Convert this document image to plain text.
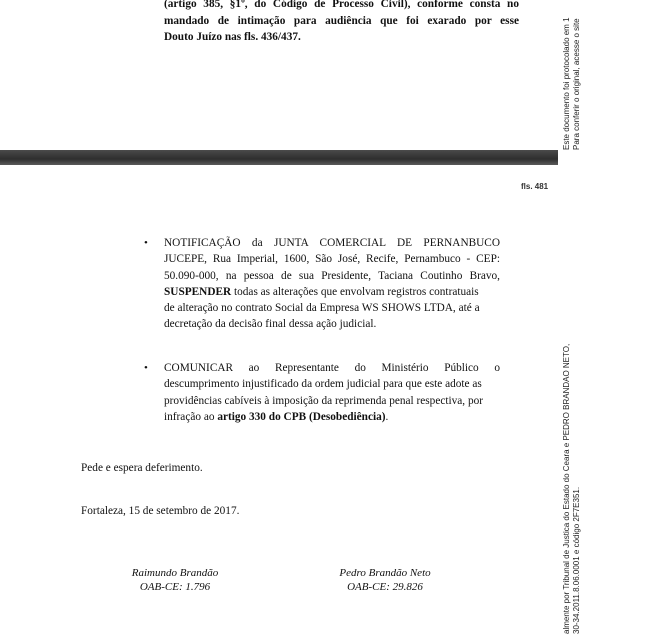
(artigo 385, §1º, do Código de Processo Civil), conforme consta no
mandado de intimação para audiência que foi exarado por esse
Douto Juízo nas fls. 436/437.
fls. 481
• NOTIFICAÇÃO da JUNTA COMERCIAL DE PERNANBUCO
JUCEPE, Rua Imperial, 1600, São José, Recife, Pernambuco - CEP:
50.090-000, na pessoa de sua Presidente, Taciana Coutinho Bravo,
SUSPENDER todas as alterações que envolvam registros contratuais
de alteração no contrato Social da Empresa WS SHOWS LTDA, até a
decretação da decisão final dessa ação judicial.
• COMUNICAR ao Representante do Ministério Público o
descumprimento injustificado da ordem judicial para que este adote as
providências cabíveis à imposição da reprimenda penal respectiva, por
infração ao artigo 330 do CPB (Desobediência).
Pede e espera deferimento.
Fortaleza, 15 de setembro de 2017.
Raimundo Brandão
OAB-CE: 1.796
Pedro Brandão Neto
OAB-CE: 29.826
Este documento foi protocolado em 1 Para conferir o original, acesse o site
almente por Tribunal de Justica do Estado do Ceara e PEDRO BRANDAO NETO, 30-34.2011.8.06.0001 e código 2F7E351.
